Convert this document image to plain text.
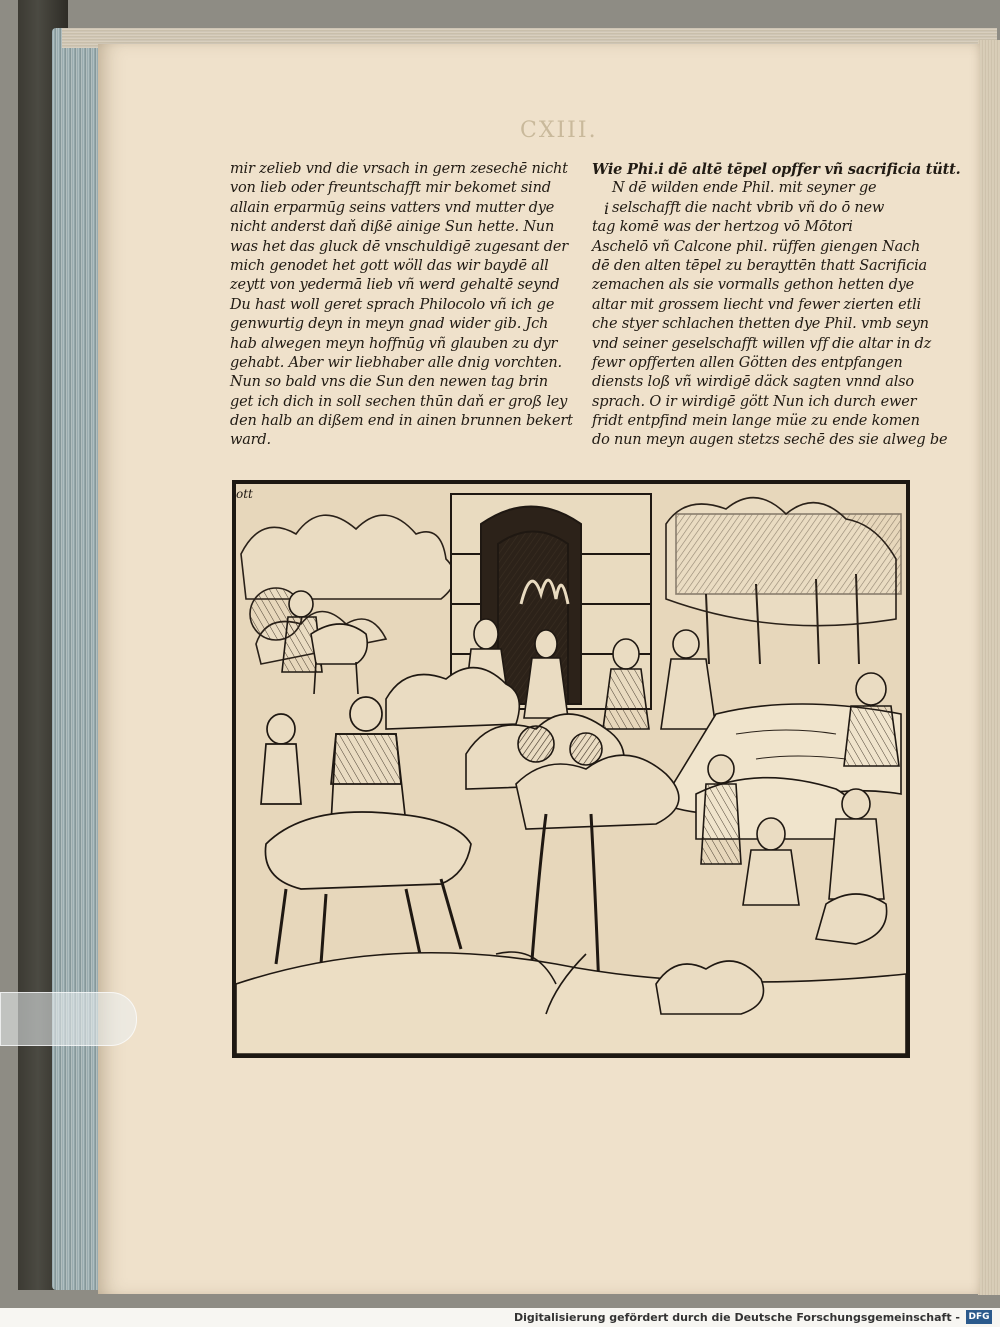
CXIII.
mir zelieb vnd die vrsach in gern zesechē nicht
von lieb oder freuntschafft mir bekomet sind
allain erparmūg seins vatters vnd mutter dye
nicht anderst daň dißē ainige Sun hette. Nun
was het das gluck dē vnschuldigē zugesant der
mich genodet het gott wöll das wir baydē all
zeytt von yedermā lieb vñ werd gehaltē seynd
Du hast woll geret sprach Philocolo vñ ich ge
genwurtig deyn in meyn gnad wider gib. Jch
hab alwegen meyn hoffnūg vñ glauben zu dyr
gehabt. Aber wir liebhaber alle dnig vorchten.
Nun so bald vns die Sun den newen tag brin
get ich dich in soll sechen thūn daň er groß ley
den halb an dißem end in ainen brunnen bekert
ward.
Wie Phi.i dē altē tēpel opffer vñ sacrificia tütt.
N dē wilden ende Phil. mit seyner ge
selschafft die nacht vbrib vñ do ō new
tag komē was der hertzog vō Mōtori
Aschelō vñ Calcone phil. rüffen giengen Nach
dē den alten tēpel zu berayttēn thatt Sacrificia
zemachen als sie vormalls gethon hetten dye
altar mit grossem liecht vnd fewer zierten etli
che styer schlachen thetten dye Phil. vmb seyn
vnd seiner geselschafft willen vff die altar in dz
fewr opfferten allen Götten des entpfangen
diensts loß vñ wirdigē däck sagten vnnd also
sprach. O ir wirdigē gött Nun ich durch ewer
fridt entpfind mein lange müe zu ende komen
do nun meyn augen stetzs sechē des sie alweg be
i
ott
Digitalisierung gefördert durch die Deutsche Forschungsgemeinschaft - DFG
